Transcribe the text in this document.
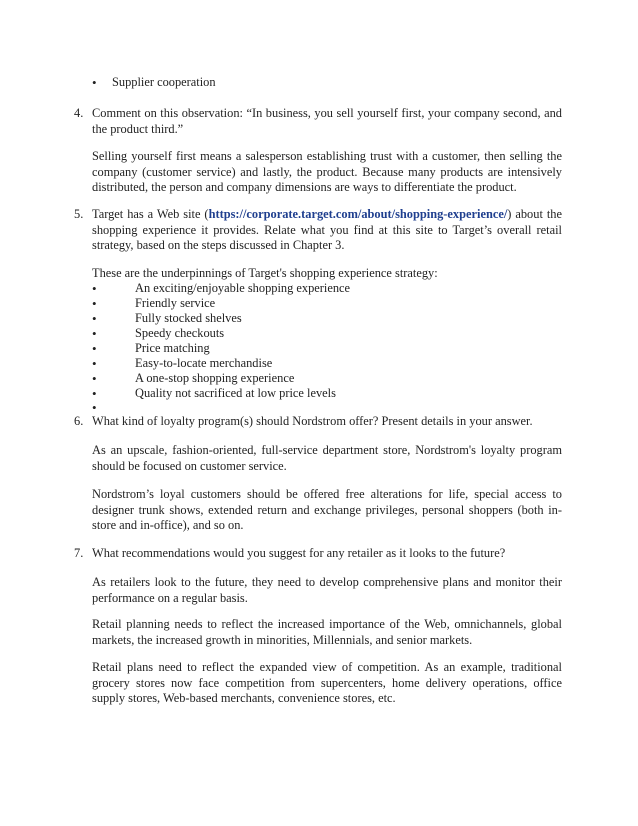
• Supplier cooperation
4. Comment on this observation: “In business, you sell yourself first, your company second, and the product third.”
Selling yourself first means a salesperson establishing trust with a customer, then selling the company (customer service) and lastly, the product. Because many products are intensively distributed, the person and company dimensions are ways to differentiate the product.
5. Target has a Web site (https://corporate.target.com/about/shopping-experience/) about the shopping experience it provides. Relate what you find at this site to Target’s overall retail strategy, based on the steps discussed in Chapter 3.
These are the underpinnings of Target's shopping experience strategy:
•	An exciting/enjoyable shopping experience
•	Friendly service
•	Fully stocked shelves
•	Speedy checkouts
•	Price matching
•	Easy-to-locate merchandise
•	A one-stop shopping experience
•	Quality not sacrificed at low price levels
•
6. What kind of loyalty program(s) should Nordstrom offer? Present details in your answer.
As an upscale, fashion-oriented, full-service department store, Nordstrom's loyalty program should be focused on customer service.
Nordstrom’s loyal customers should be offered free alterations for life, special access to designer trunk shows, extended return and exchange privileges, personal shoppers (both in-store and in-office), and so on.
7. What recommendations would you suggest for any retailer as it looks to the future?
As retailers look to the future, they need to develop comprehensive plans and monitor their performance on a regular basis.
Retail planning needs to reflect the increased importance of the Web, omnichannels, global markets, the increased growth in minorities, Millennials, and senior markets.
Retail plans need to reflect the expanded view of competition. As an example, traditional grocery stores now face competition from supercenters, home delivery operations, office supply stores, Web-based merchants, convenience stores, etc.
